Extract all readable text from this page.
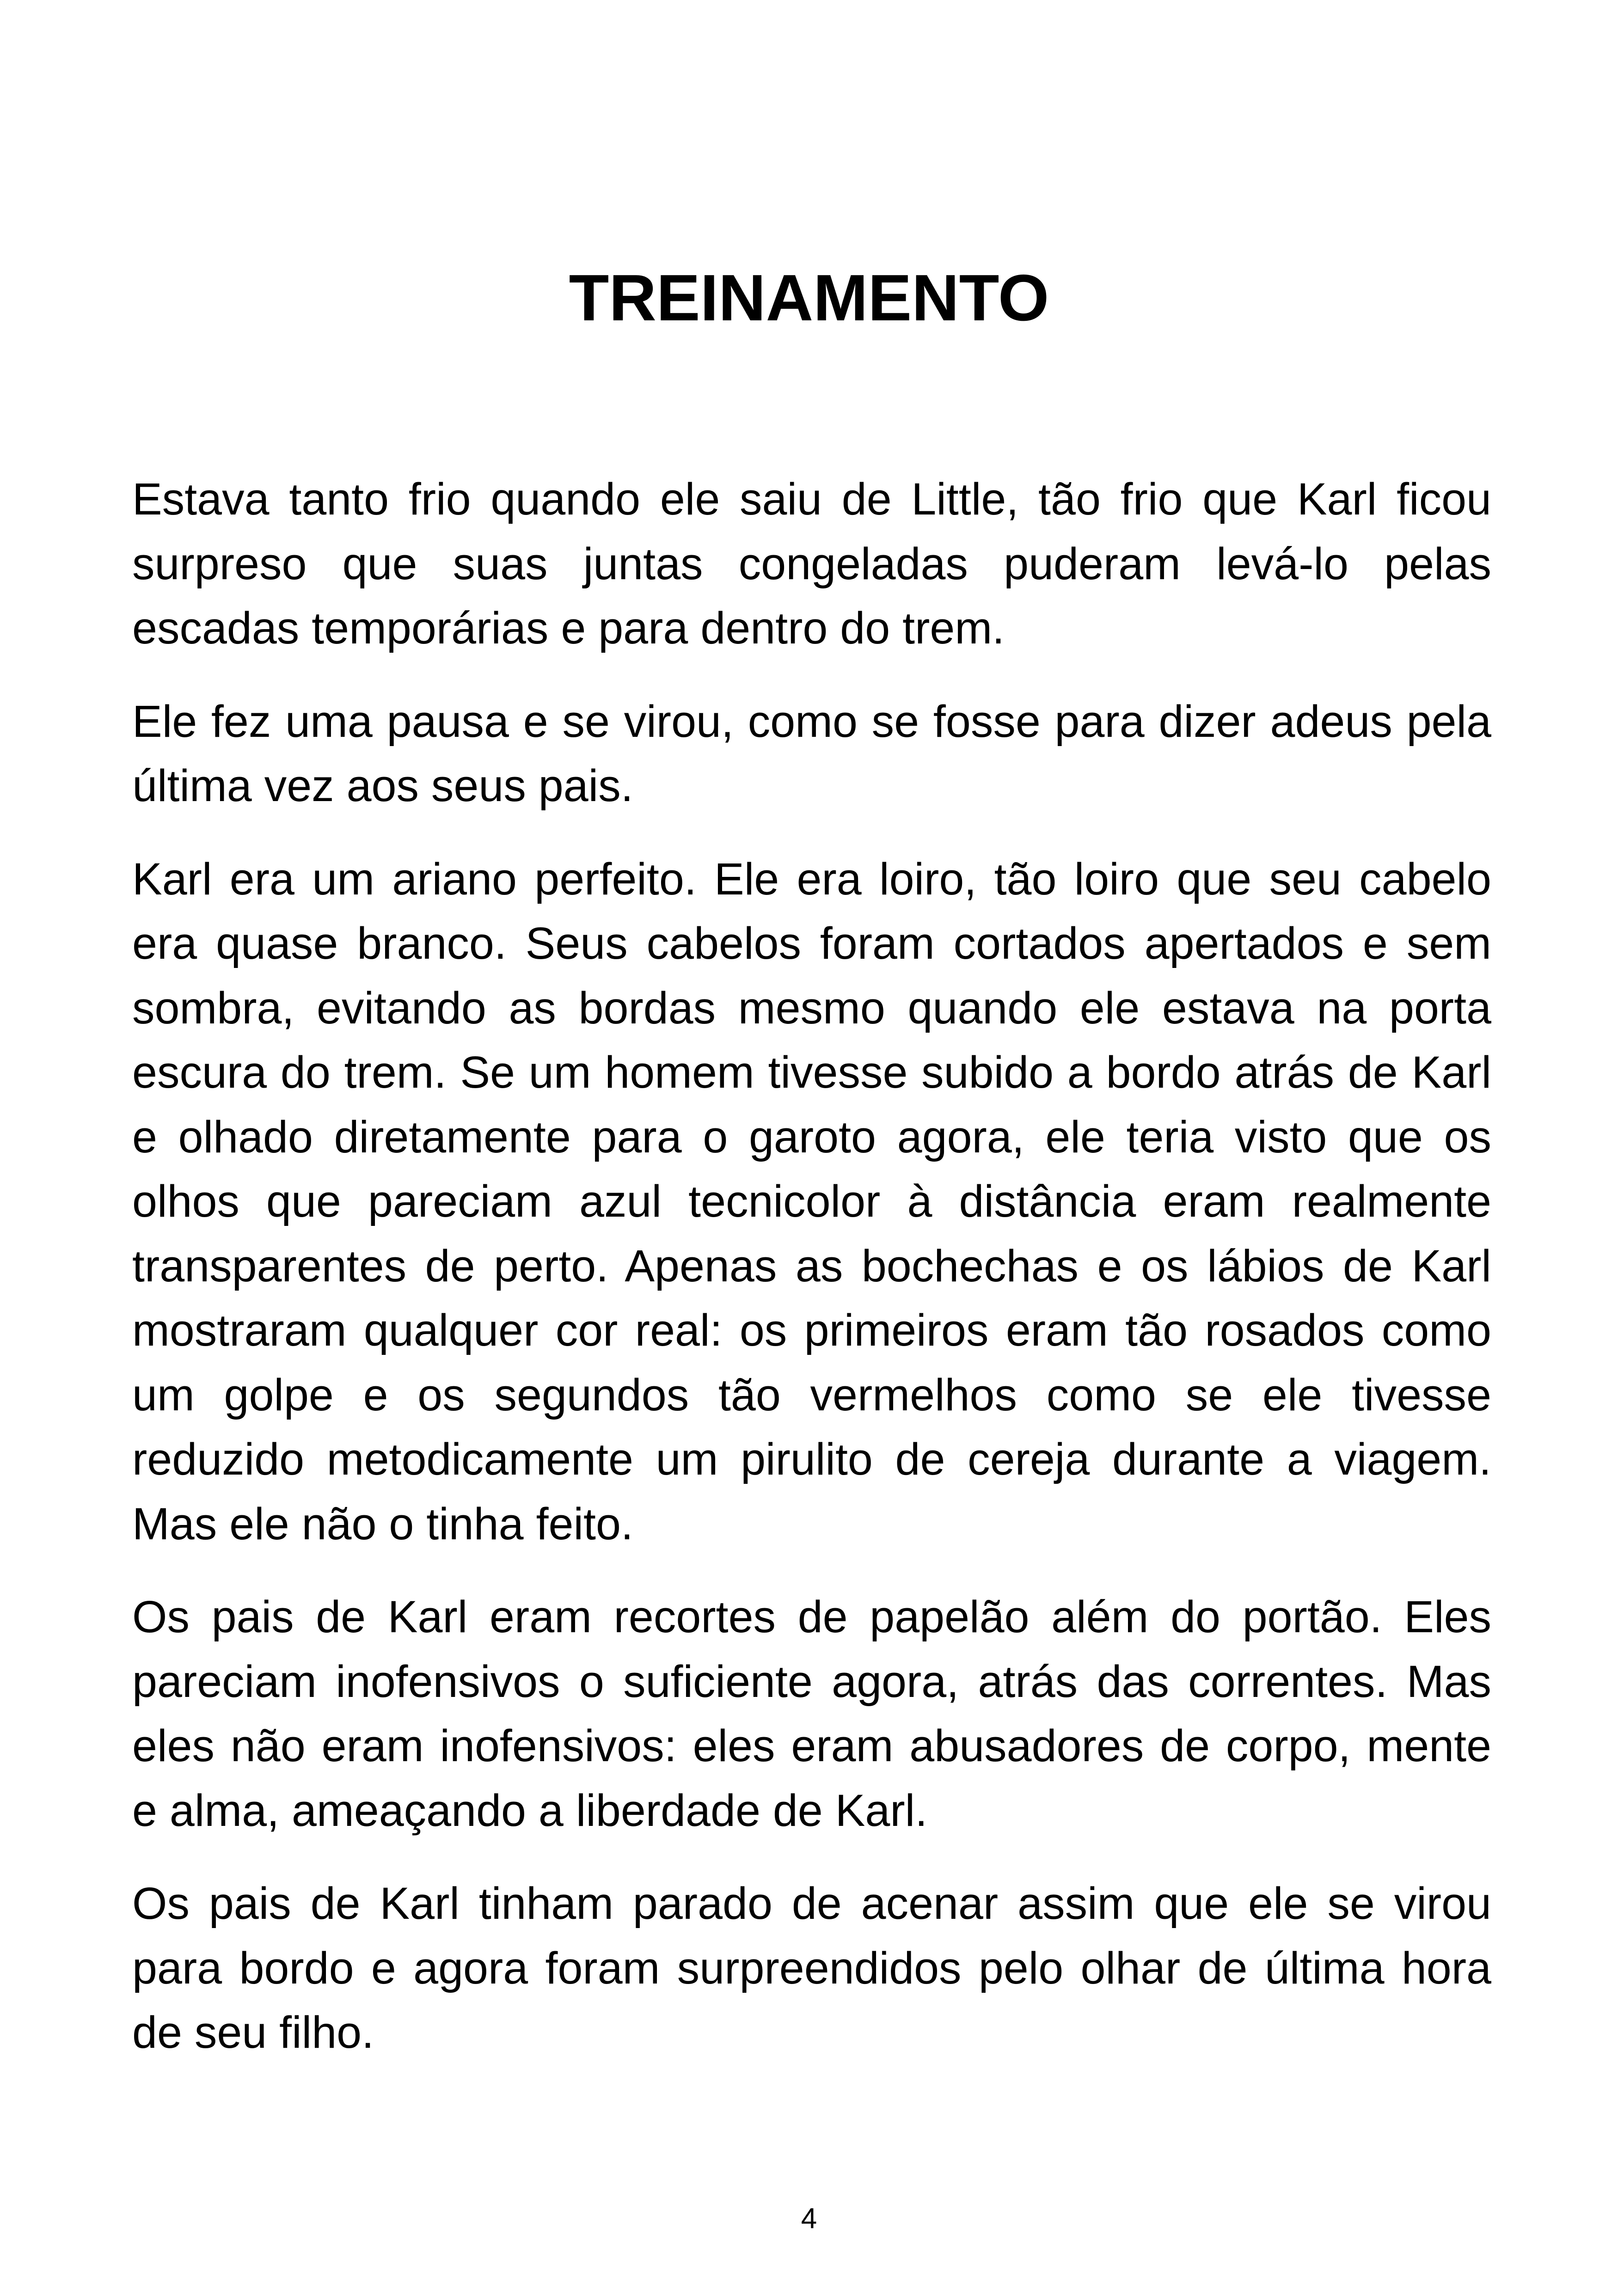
TREINAMENTO

Estava tanto frio quando ele saiu de Little, tão frio que Karl ficou surpreso que suas juntas congeladas puderam levá-lo pelas escadas temporárias e para dentro do trem.

Ele fez uma pausa e se virou, como se fosse para dizer adeus pela última vez aos seus pais.

Karl era um ariano perfeito. Ele era loiro, tão loiro que seu cabelo era quase branco. Seus cabelos foram cortados apertados e sem sombra, evitando as bordas mesmo quando ele estava na porta escura do trem. Se um homem tivesse subido a bordo atrás de Karl e olhado diretamente para o garoto agora, ele teria visto que os olhos que pareciam azul tecnicolor à distância eram realmente transparentes de perto. Apenas as bochechas e os lábios de Karl mostraram qualquer cor real: os primeiros eram tão rosados como um golpe e os segundos tão vermelhos como se ele tivesse reduzido metodicamente um pirulito de cereja durante a viagem. Mas ele não o tinha feito.

Os pais de Karl eram recortes de papelão além do portão. Eles pareciam inofensivos o suficiente agora, atrás das correntes. Mas eles não eram inofensivos: eles eram abusadores de corpo, mente e alma, ameaçando a liberdade de Karl.

Os pais de Karl tinham parado de acenar assim que ele se virou para bordo e agora foram surpreendidos pelo olhar de última hora de seu filho.

4
